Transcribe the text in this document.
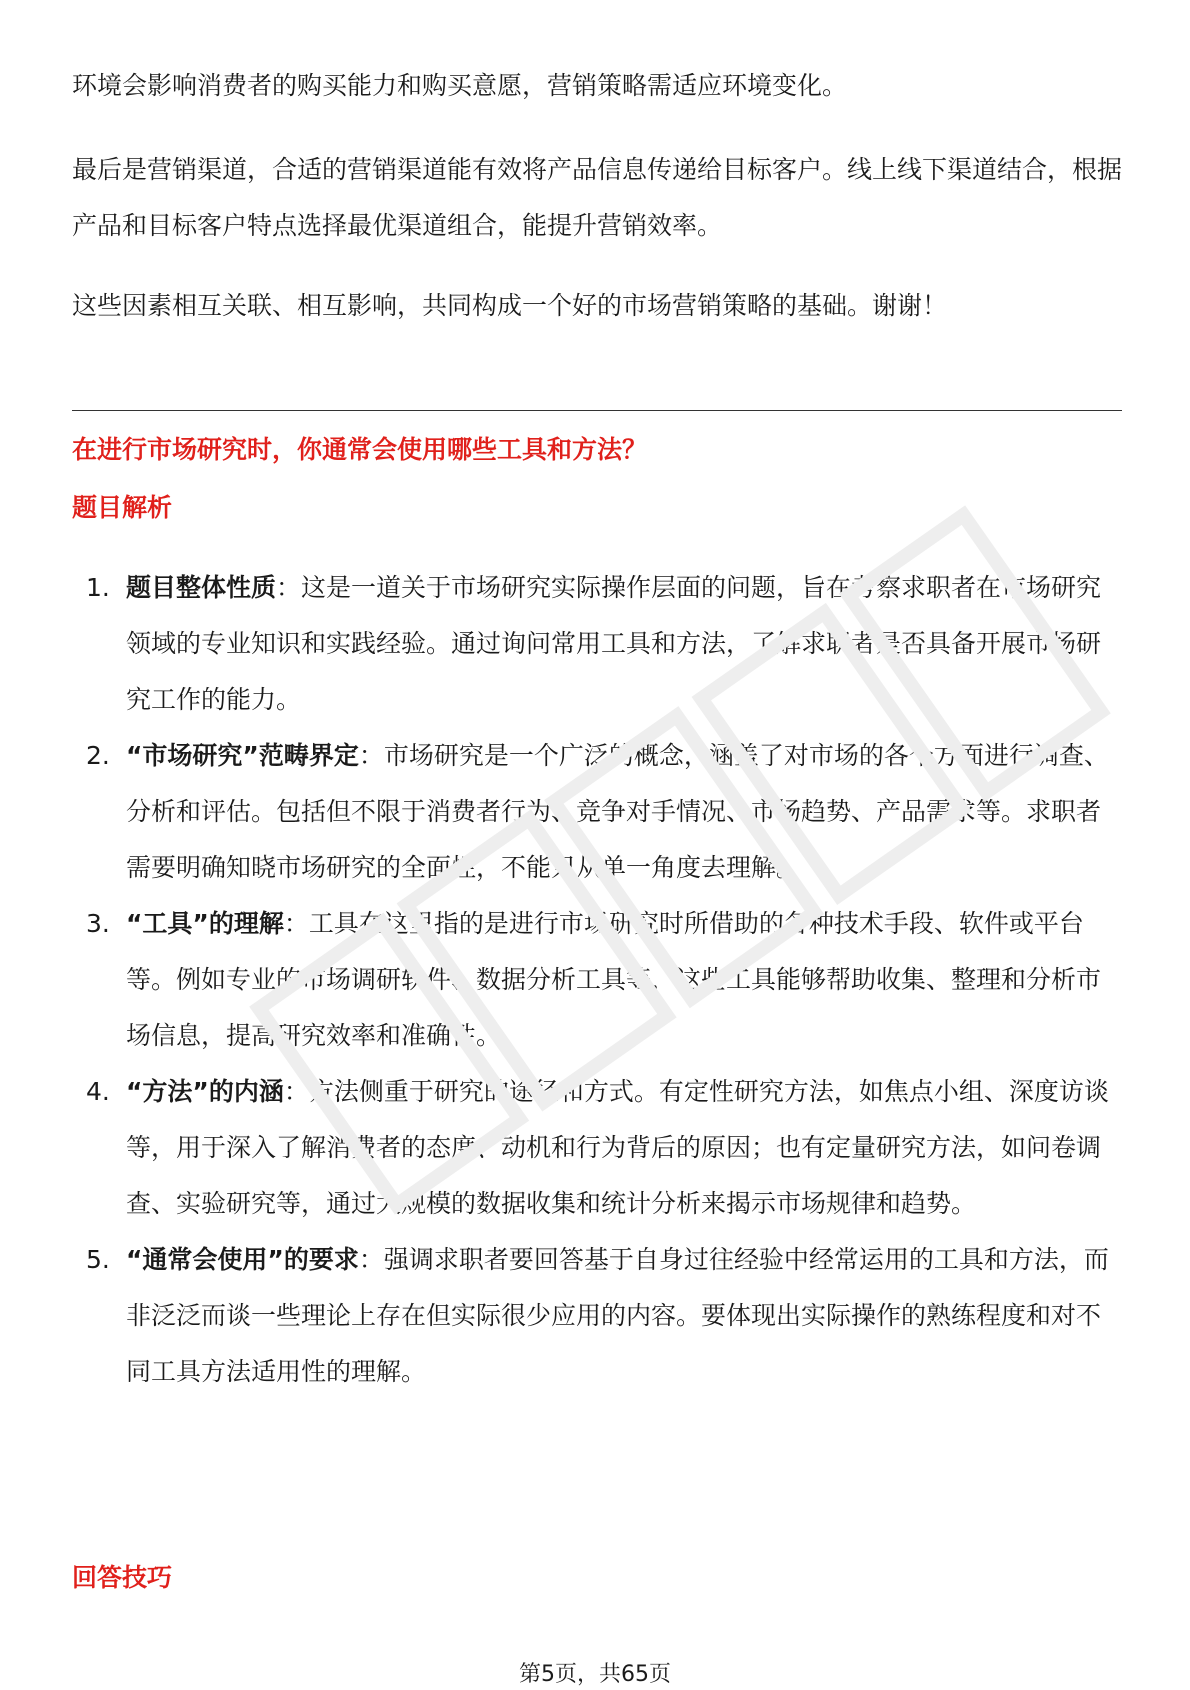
环境会影响消费者的购买能力和购买意愿，营销策略需适应环境变化。

最后是营销渠道，合适的营销渠道能有效将产品信息传递给目标客户。线上线下渠道结合，根据产品和目标客户特点选择最优渠道组合，能提升营销效率。

这些因素相互关联、相互影响，共同构成一个好的市场营销策略的基础。谢谢！

在进行市场研究时，你通常会使用哪些工具和方法？
题目解析
1. 题目整体性质：这是一道关于市场研究实际操作层面的问题，旨在考察求职者在市场研究领域的专业知识和实践经验。通过询问常用工具和方法，了解求职者是否具备开展市场研究工作的能力。
2. “市场研究”范畴界定：市场研究是一个广泛的概念，涵盖了对市场的各个方面进行调查、分析和评估。包括但不限于消费者行为、竞争对手情况、市场趋势、产品需求等。求职者需要明确知晓市场研究的全面性，不能只从单一角度去理解。
3. “工具”的理解：工具在这里指的是进行市场研究时所借助的各种技术手段、软件或平台等。例如专业的市场调研软件、数据分析工具等，这些工具能够帮助收集、整理和分析市场信息，提高研究效率和准确性。
4. “方法”的内涵：方法侧重于研究的途径和方式。有定性研究方法，如焦点小组、深度访谈等，用于深入了解消费者的态度、动机和行为背后的原因；也有定量研究方法，如问卷调查、实验研究等，通过大规模的数据收集和统计分析来揭示市场规律和趋势。
5. “通常会使用”的要求：强调求职者要回答基于自身过往经验中经常运用的工具和方法，而非泛泛而谈一些理论上存在但实际很少应用的内容。要体现出实际操作的熟练程度和对不同工具方法适用性的理解。
回答技巧
第5页，共65页
